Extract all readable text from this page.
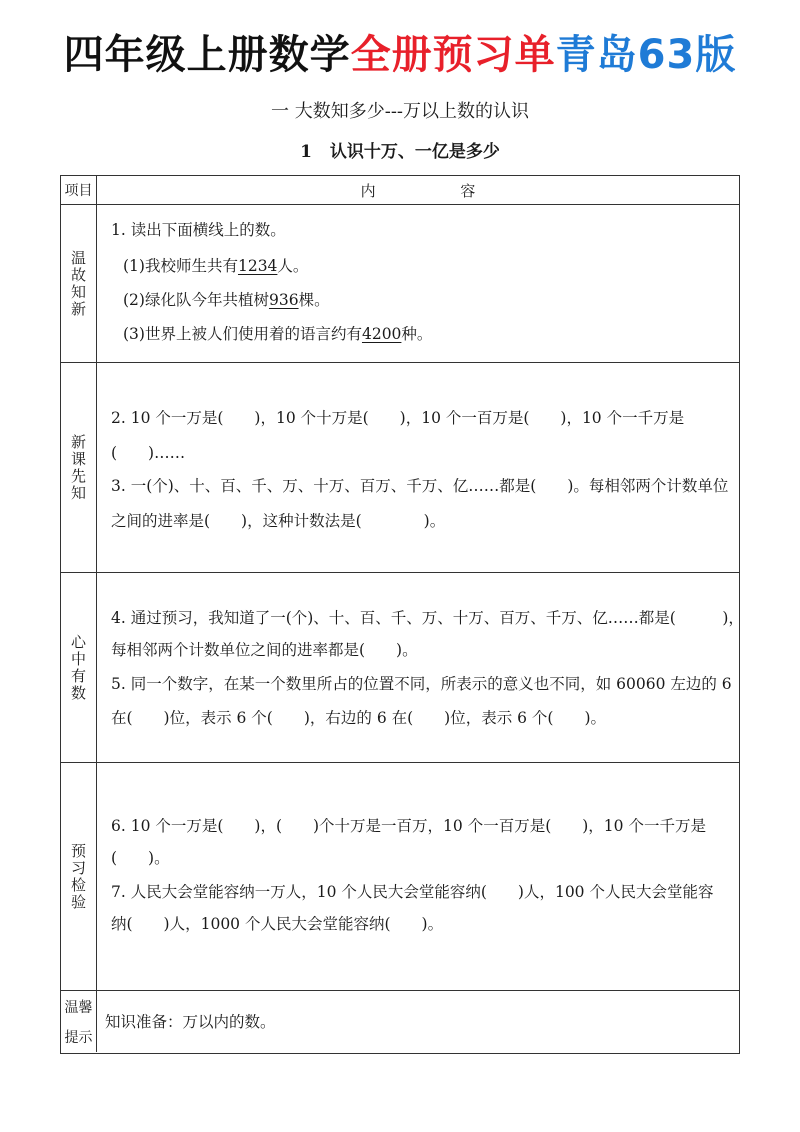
四年级上册数学全册预习单青岛63版
一 大数知多少---万以上数的认识
1 认识十万、一亿是多少
项目	内 容
温故知新
1. 读出下面横线上的数。
(1)我校师生共有1234人。
(2)绿化队今年共植树936棵。
(3)世界上被人们使用着的语言约有4200种。
新课先知
2. 10 个一万是(　　)，10 个十万是(　　)，10 个一百万是(　　)，10 个一千万是
(　　)……
3. 一(个)、十、百、千、万、十万、百万、千万、亿……都是(　　)。每相邻两个计数单位
之间的进率是(　　)，这种计数法是(　　　　)。
心中有数
4. 通过预习，我知道了一(个)、十、百、千、万、十万、百万、千万、亿……都是(　　　)，
每相邻两个计数单位之间的进率都是(　　)。
5. 同一个数字，在某一个数里所占的位置不同，所表示的意义也不同，如 60060 左边的 6
在(　　)位，表示 6 个(　　)，右边的 6 在(　　)位，表示 6 个(　　)。
预习检验
6. 10 个一万是(　　)，(　　)个十万是一百万，10 个一百万是(　　)，10 个一千万是
(　　)。
7. 人民大会堂能容纳一万人，10 个人民大会堂能容纳(　　)人，100 个人民大会堂能容
纳(　　)人，1000 个人民大会堂能容纳(　　)。
温馨
提示
知识准备：万以内的数。
